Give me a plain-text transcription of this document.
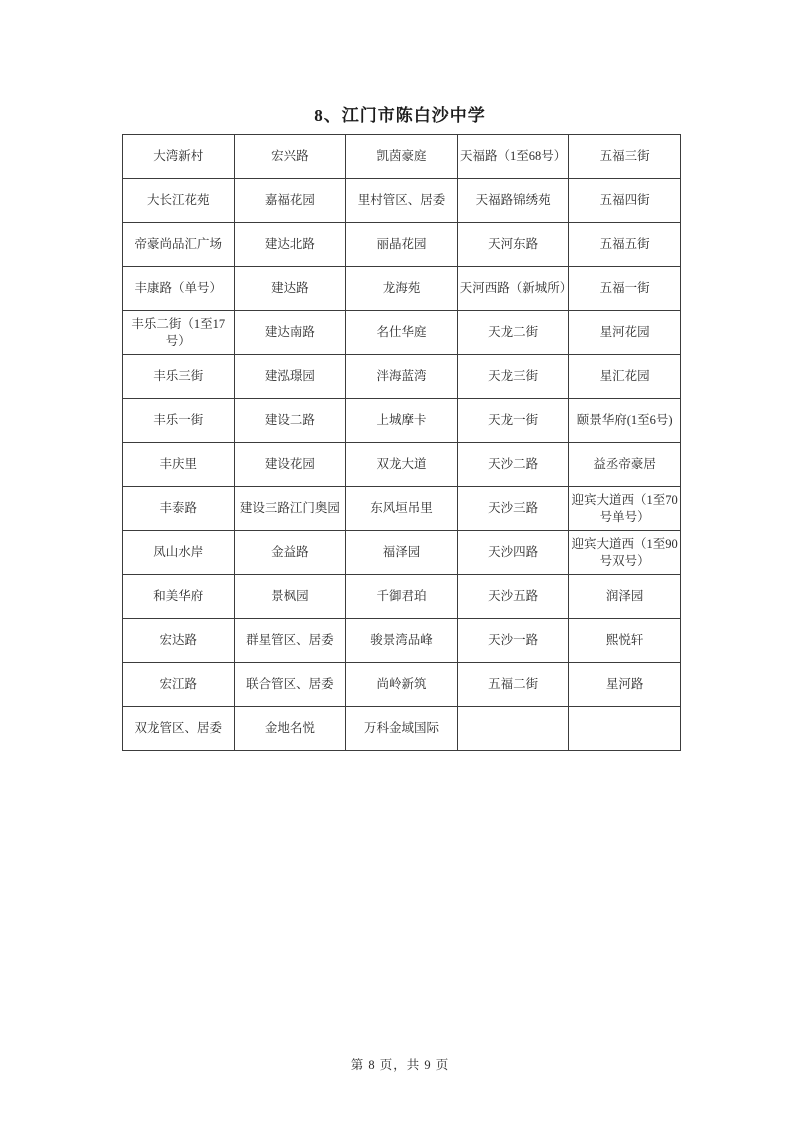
8、江门市陈白沙中学
大湾新村	宏兴路	凯茵豪庭	天福路（1至68号）	五福三街
大长江花苑	嘉福花园	里村管区、居委	天福路锦绣苑	五福四街
帝豪尚品汇广场	建达北路	丽晶花园	天河东路	五福五街
丰康路（单号）	建达路	龙海苑	天河西路（新城所）	五福一街
丰乐二街（1至17号）	建达南路	名仕华庭	天龙二街	星河花园
丰乐三街	建泓璟园	泮海蓝湾	天龙三街	星汇花园
丰乐一街	建设二路	上城摩卡	天龙一街	颐景华府(1至6号)
丰庆里	建设花园	双龙大道	天沙二路	益丞帝豪居
丰泰路	建设三路江门奥园	东风垣吊里	天沙三路	迎宾大道西（1至70号单号）
凤山水岸	金益路	福泽园	天沙四路	迎宾大道西（1至90号双号）
和美华府	景枫园	千御君珀	天沙五路	润泽园
宏达路	群星管区、居委	骏景湾品峰	天沙一路	熙悦轩
宏江路	联合管区、居委	尚岭新筑	五福二街	星河路
双龙管区、居委	金地名悦	万科金域国际		
第 8 页，共 9 页
